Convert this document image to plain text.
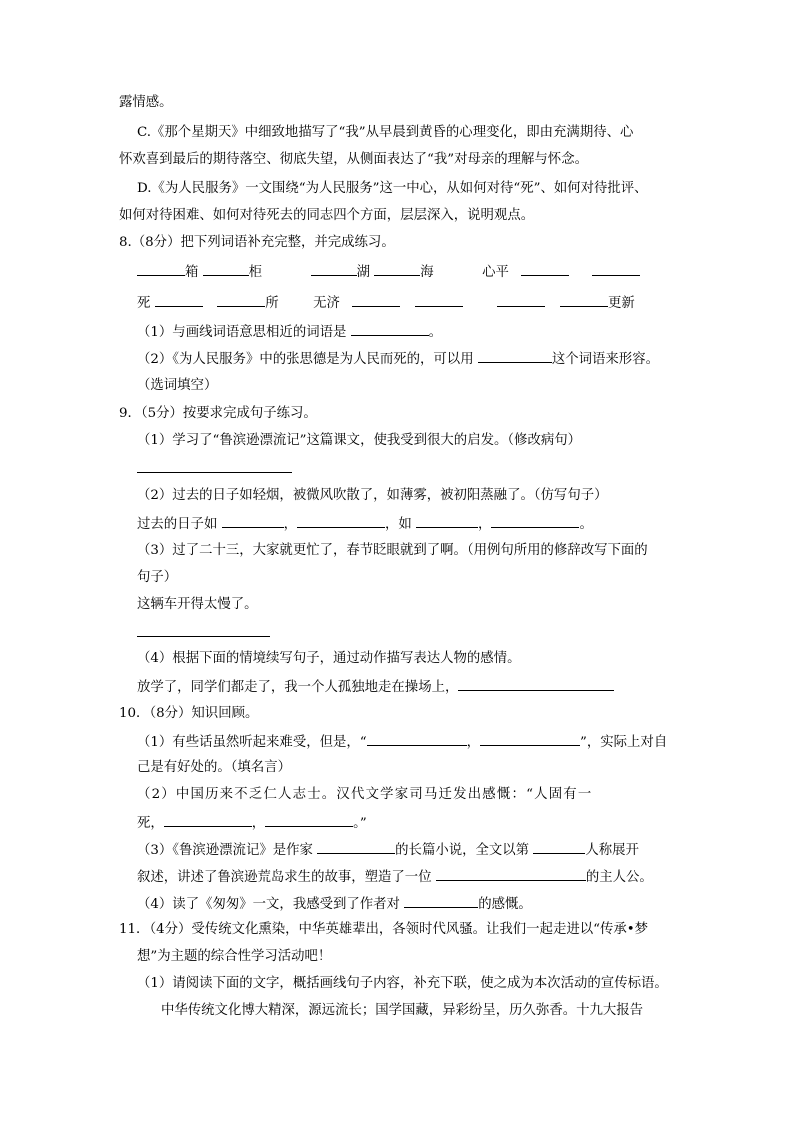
露情感。
C.《那个星期天》中细致地描写了“我”从早晨到黄昏的心理变化，即由充满期待、心
怀欢喜到最后的期待落空、彻底失望，从侧面表达了“我”对母亲的理解与怀念。
D.《为人民服务》一文围绕“为人民服务”这一中心，从如何对待“死”、如何对待批评、
如何对待困难、如何对待死去的同志四个方面，层层深入，说明观点。
8.（8分）把下列词语补充完整，并完成练习。
箱	柜	湖	海	心平
死	所	无济	更新
（1）与画线词语意思相近的词语是	。
（2）《为人民服务》中的张思德是为人民而死的，可以用	这个词语来形容。
（选词填空）
9．（5分）按要求完成句子练习。
（1）学习了“鲁滨逊漂流记”这篇课文，使我受到很大的启发。（修改病句）
（2）过去的日子如轻烟，被微风吹散了，如薄雾，被初阳蒸融了。（仿写句子）
过去的日子如	，	，如	，	。
（3）过了二十三，大家就更忙了，春节眨眼就到了啊。（用例句所用的修辞改写下面的
句子）
这辆车开得太慢了。
（4）根据下面的情境续写句子，通过动作描写表达人物的感情。
放学了，同学们都走了，我一个人孤独地走在操场上，
10．（8分）知识回顾。
（1）有些话虽然听起来难受，但是，“	，	”，实际上对自
己是有好处的。（填名言）
（2）中国历来不乏仁人志士。汉代文学家司马迁发出感慨：“人固有一
死，	，	。”
（3）《鲁滨逊漂流记》是作家	的长篇小说，全文以第	人称展开
叙述，讲述了鲁滨逊荒岛求生的故事，塑造了一位	的主人公。
（4）读了《匆匆》一文，我感受到了作者对	的感慨。
11．（4分）受传统文化熏染，中华英雄辈出，各领时代风骚。让我们一起走进以“传承•梦
想”为主题的综合性学习活动吧！
（1）请阅读下面的文字，概括画线句子内容，补充下联，使之成为本次活动的宣传标语。
中华传统文化博大精深，源远流长；国学国藏，异彩纷呈，历久弥香。十九大报告
